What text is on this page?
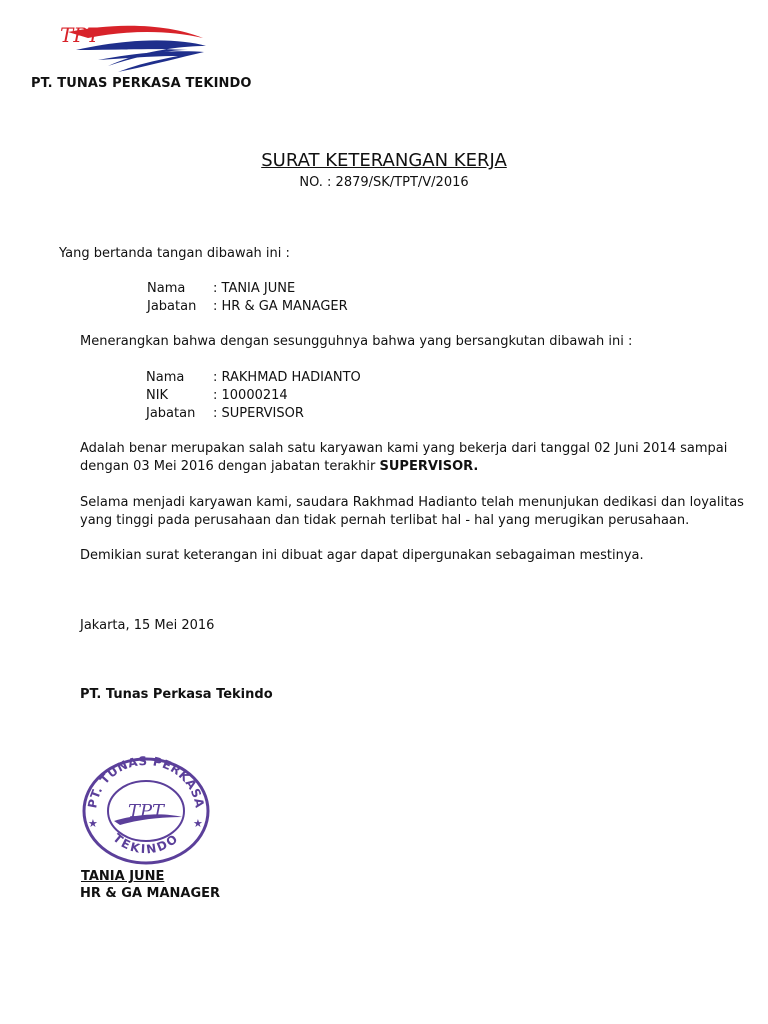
TPT
PT. TUNAS PERKASA TEKINDO
SURAT KETERANGAN KERJA
NO. : 2879/SK/TPT/V/2016
Yang bertanda tangan dibawah ini :
Nama : TANIA JUNE
Jabatan : HR & GA MANAGER
Menerangkan bahwa dengan sesungguhnya bahwa yang bersangkutan dibawah ini :
Nama : RAKHMAD HADIANTO
NIK	: 10000214
Jabatan : SUPERVISOR
Adalah benar merupakan salah satu karyawan kami yang bekerja dari tanggal 02 Juni 2014 sampai
dengan 03 Mei 2016 dengan jabatan terakhir SUPERVISOR.
Selama menjadi karyawan kami, saudara Rakhmad Hadianto telah menunjukan dedikasi dan loyalitas
yang tinggi pada perusahaan dan tidak pernah terlibat hal - hal yang merugikan perusahaan.
Demikian surat keterangan ini dibuat agar dapat dipergunakan sebagaiman mestinya.
Jakarta, 15 Mei 2016
PT. Tunas Perkasa Tekindo
PT. TUNAS PERKASA
TEKINDO
★	★
TPT
TANIA JUNE
HR & GA MANAGER
